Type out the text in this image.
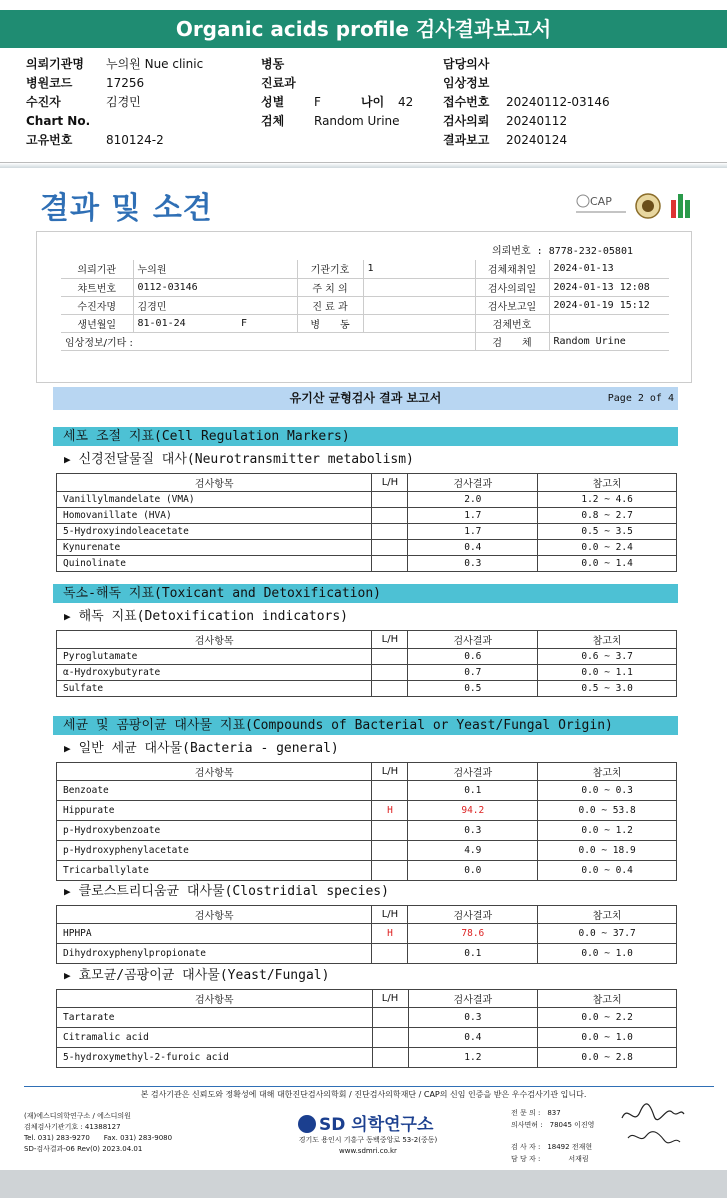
Organic acids profile 검사결과보고서
의뢰기관명 누의원 Nue clinic
병원코드	17256
수진자	김경민
Chart No.
고유번호	810124-2
병동
진료과
성별 F	나이 42
검체 Random Urine
담당의사
임상정보
접수번호 20240112-03146
검사의뢰 20240112
결과보고 20240124
결과 및 소견	CAP
의뢰번호 : 8778-232-05801
의뢰기관	누의원		기관기호	1	검체채취일	2024-01-13
챠트번호	0112-03146		주 치 의		검사의뢰일	2024-01-13 12:08
수진자명	김경민		진 료 과		검사보고일	2024-01-19 15:12
생년월일	81-01-24	F	병　　동		검체번호	
임상정보/기타 :					검　　체	Random Urine
유기산 균형검사 결과 보고서	Page 2 of 4
세포 조절 지표(Cell Regulation Markers)
▶ 신경전달물질 대사(Neurotransmitter metabolism)
검사항목	L/H	검사결과	참고치
Vanillylmandelate (VMA)		2.0	1.2 ~ 4.6
Homovanillate (HVA)		1.7	0.8 ~ 2.7
5-Hydroxyindoleacetate		1.7	0.5 ~ 3.5
Kynurenate		0.4	0.0 ~ 2.4
Quinolinate		0.3	0.0 ~ 1.4
독소-해독 지표(Toxicant and Detoxification)
▶ 해독 지표(Detoxification indicators)
검사항목	L/H	검사결과	참고치
Pyroglutamate		0.6	0.6 ~ 3.7
α-Hydroxybutyrate		0.7	0.0 ~ 1.1
Sulfate		0.5	0.5 ~ 3.0
세균 및 곰팡이균 대사물 지표(Compounds of Bacterial or Yeast/Fungal Origin)
▶ 일반 세균 대사물(Bacteria - general)
검사항목	L/H	검사결과	참고치
Benzoate		0.1	0.0 ~ 0.3
Hippurate	H	94.2	0.0 ~ 53.8
p-Hydroxybenzoate		0.3	0.0 ~ 1.2
p-Hydroxyphenylacetate		4.9	0.0 ~ 18.9
Tricarballylate		0.0	0.0 ~ 0.4
▶ 클로스트리디움균 대사물(Clostridial species)
검사항목	L/H	검사결과	참고치
HPHPA	H	78.6	0.0 ~ 37.7
Dihydroxyphenylpropionate		0.1	0.0 ~ 1.0
▶ 효모균/곰팡이균 대사물(Yeast/Fungal)
검사항목	L/H	검사결과	참고치
Tartarate		0.3	0.0 ~ 2.2
Citramalic acid		0.4	0.0 ~ 1.0
5-hydroxymethyl-2-furoic acid		1.2	0.0 ~ 2.8
본 검사기관은 신뢰도와 정확성에 대해 대한진단검사의학회 / 진단검사의학재단 / CAP의 신임 인증을 받은 우수검사기관 입니다.
(재)에스디의학연구소 / 에스디의원
검체검사기관기호 : 41388127
Tel. 031) 283-9270　　Fax. 031) 283-9080
SD-검사결과-06 Rev(0) 2023.04.01
SD 의학연구소
경기도 용인시 기흥구 동백중앙로 53-2(중동)
www.sdmri.co.kr
전 문 의 :　837
의사면허 :　78045 이진영
검 사 자 :　18492 전재현
담 당 자 :　　　　서재림
